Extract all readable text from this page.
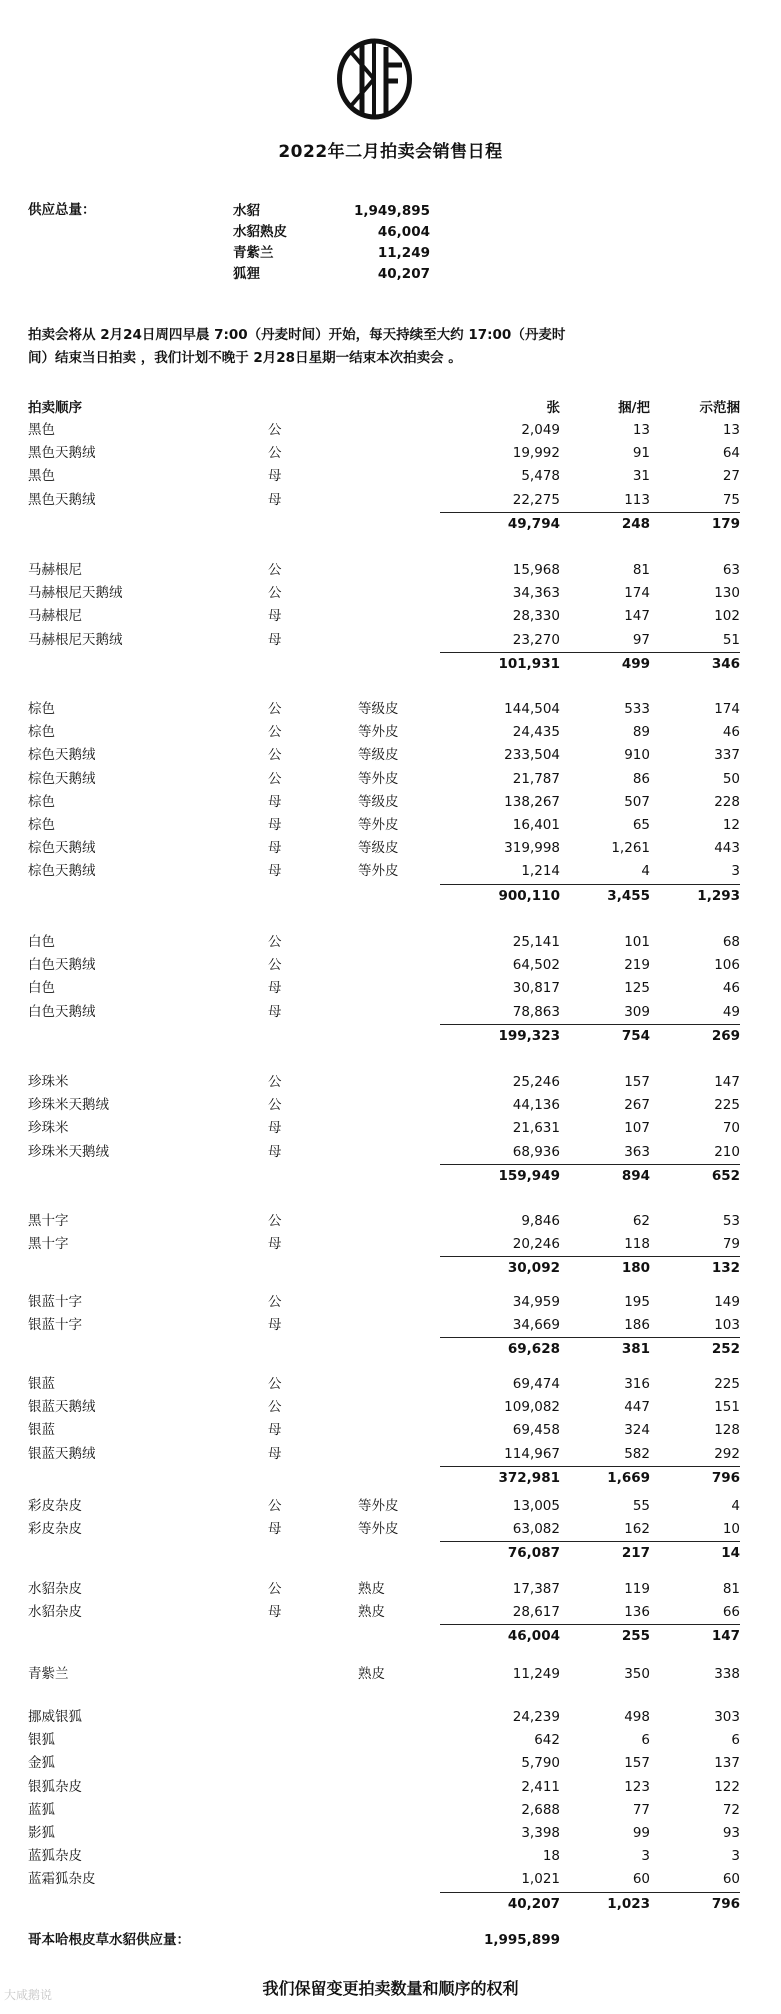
2022年二月拍卖会销售日程
供应总量：	水貂	1,949,895
水貂熟皮	46,004
青紫兰	11,249
狐狸	40,207
拍卖会将从 2月24日周四早晨 7:00（丹麦时间）开始，每天持续至大约 17:00（丹麦时间）结束当日拍卖 ，我们计划不晚于 2月28日星期一结束本次拍卖会 。
拍卖顺序	张	捆/把	示范捆
黑色	公	2,049	13	13
黑色天鹅绒	公	19,992	91	64
黑色	母	5,478	31	27
黑色天鹅绒	母	22,275	113	75
49,794	248	179
马赫根尼	公	15,968	81	63
马赫根尼天鹅绒	公	34,363	174	130
马赫根尼	母	28,330	147	102
马赫根尼天鹅绒	母	23,270	97	51
101,931	499	346
棕色	公	等级皮	144,504	533	174
棕色	公	等外皮	24,435	89	46
棕色天鹅绒	公	等级皮	233,504	910	337
棕色天鹅绒	公	等外皮	21,787	86	50
棕色	母	等级皮	138,267	507	228
棕色	母	等外皮	16,401	65	12
棕色天鹅绒	母	等级皮	319,998	1,261	443
棕色天鹅绒	母	等外皮	1,214	4	3
900,110	3,455	1,293
白色	公	25,141	101	68
白色天鹅绒	公	64,502	219	106
白色	母	30,817	125	46
白色天鹅绒	母	78,863	309	49
199,323	754	269
珍珠米	公	25,246	157	147
珍珠米天鹅绒	公	44,136	267	225
珍珠米	母	21,631	107	70
珍珠米天鹅绒	母	68,936	363	210
159,949	894	652
黑十字	公	9,846	62	53
黑十字	母	20,246	118	79
30,092	180	132
银蓝十字	公	34,959	195	149
银蓝十字	母	34,669	186	103
69,628	381	252
银蓝	公	69,474	316	225
银蓝天鹅绒	公	109,082	447	151
银蓝	母	69,458	324	128
银蓝天鹅绒	母	114,967	582	292
372,981	1,669	796
彩皮杂皮	公	等外皮	13,005	55	4
彩皮杂皮	母	等外皮	63,082	162	10
76,087	217	14
水貂杂皮	公	熟皮	17,387	119	81
水貂杂皮	母	熟皮	28,617	136	66
46,004	255	147
青紫兰	熟皮	11,249	350	338
挪威银狐	24,239	498	303
银狐	642	6	6
金狐	5,790	157	137
银狐杂皮	2,411	123	122
蓝狐	2,688	77	72
影狐	3,398	99	93
蓝狐杂皮	18	3	3
蓝霜狐杂皮	1,021	60	60
40,207	1,023	796
哥本哈根皮草水貂供应量：	1,995,899
我们保留变更拍卖数量和顺序的权利
大咸鹅说
